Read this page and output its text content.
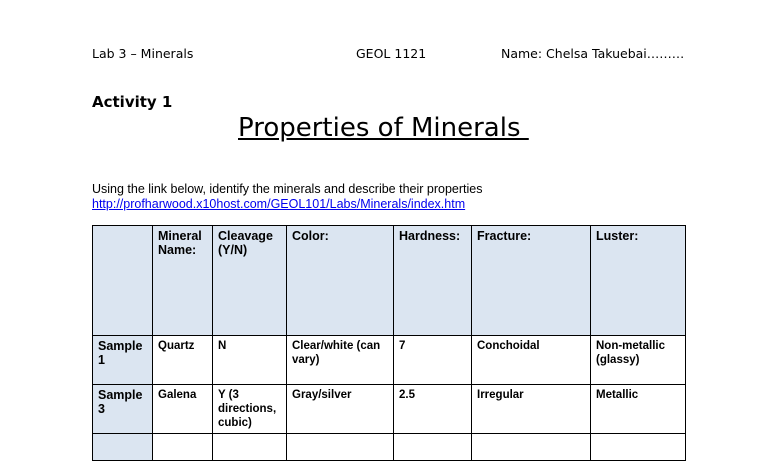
Lab 3 – Minerals	GEOL 1121	Name: Chelsa Takuebai………
Activity 1
Properties of Minerals
Using the link below, identify the minerals and describe their properties
http://profharwood.x10host.com/GEOL101/Labs/Minerals/index.htm
	Mineral Name:	Cleavage (Y/N)	Color:	Hardness:	Fracture:	Luster:
Sample 1	Quartz	N	Clear/white (can vary)	7	Conchoidal	Non-metallic (glassy)
Sample 3	Galena	Y (3 directions, cubic)	Gray/silver	2.5	Irregular	Metallic
